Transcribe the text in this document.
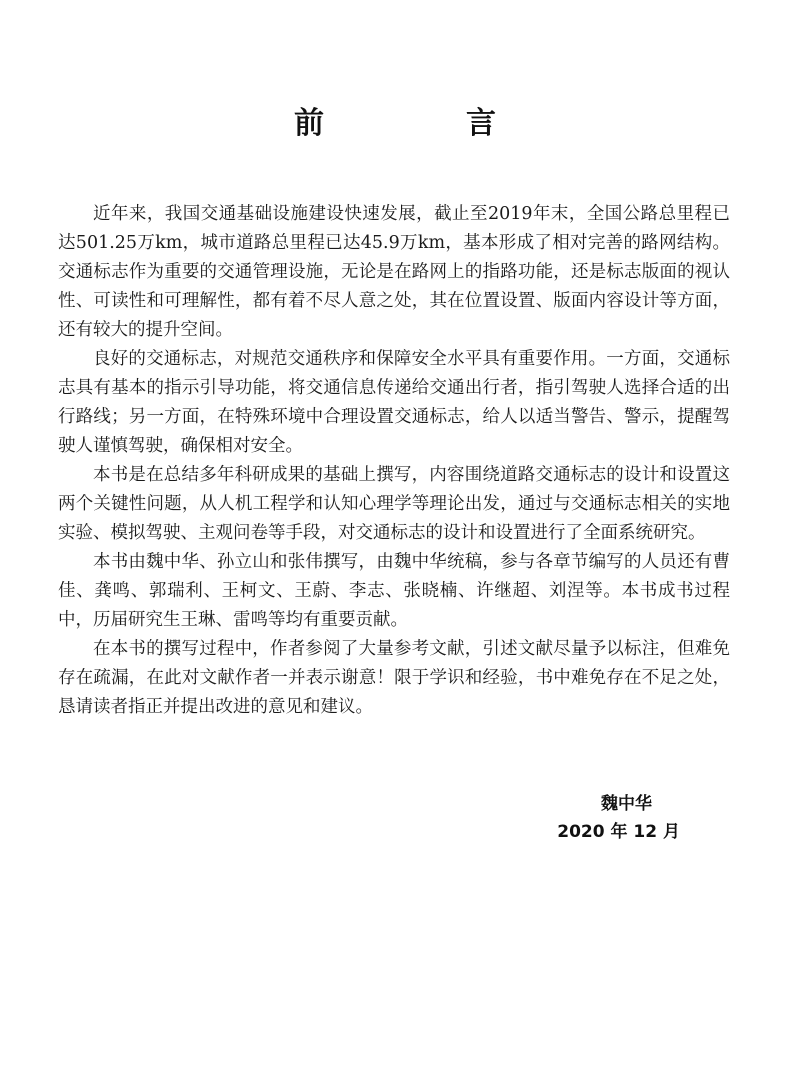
前　言

近年来，我国交通基础设施建设快速发展，截止至2019年末，全国公路总里程已达501.25万km，城市道路总里程已达45.9万km，基本形成了相对完善的路网结构。交通标志作为重要的交通管理设施，无论是在路网上的指路功能，还是标志版面的视认性、可读性和可理解性，都有着不尽人意之处，其在位置设置、版面内容设计等方面，还有较大的提升空间。

良好的交通标志，对规范交通秩序和保障安全水平具有重要作用。一方面，交通标志具有基本的指示引导功能，将交通信息传递给交通出行者，指引驾驶人选择合适的出行路线；另一方面，在特殊环境中合理设置交通标志，给人以适当警告、警示，提醒驾驶人谨慎驾驶，确保相对安全。

本书是在总结多年科研成果的基础上撰写，内容围绕道路交通标志的设计和设置这两个关键性问题，从人机工程学和认知心理学等理论出发，通过与交通标志相关的实地实验、模拟驾驶、主观问卷等手段，对交通标志的设计和设置进行了全面系统研究。

本书由魏中华、孙立山和张伟撰写，由魏中华统稿，参与各章节编写的人员还有曹佳、龚鸣、郭瑞利、王柯文、王蔚、李志、张晓楠、许继超、刘涅等。本书成书过程中，历届研究生王琳、雷鸣等均有重要贡献。

在本书的撰写过程中，作者参阅了大量参考文献，引述文献尽量予以标注，但难免存在疏漏，在此对文献作者一并表示谢意！限于学识和经验，书中难免存在不足之处，恳请读者指正并提出改进的意见和建议。

魏中华
2020 年 12 月
